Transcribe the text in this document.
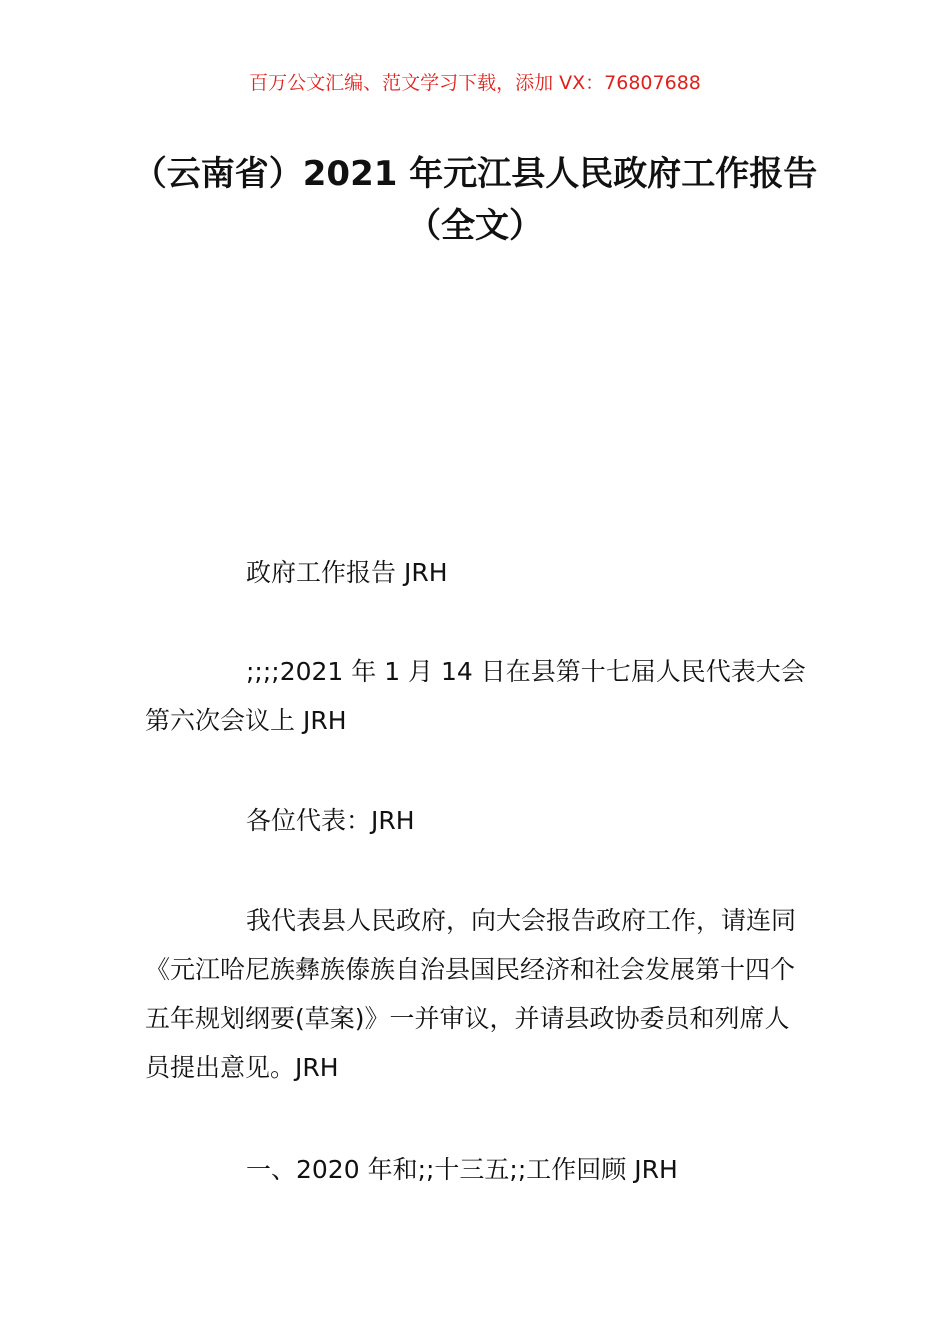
百万公文汇编、范文学习下载，添加 VX：76807688
（云南省）2021 年元江县人民政府工作报告（全文）
政府工作报告 JRH
;;;;2021 年 1 月 14 日在县第十七届人民代表大会第六次会议上 JRH
各位代表：JRH
我代表县人民政府，向大会报告政府工作，请连同《元江哈尼族彝族傣族自治县国民经济和社会发展第十四个五年规划纲要(草案)》一并审议，并请县政协委员和列席人员提出意见。JRH
一、2020 年和;;十三五;;工作回顾 JRH
